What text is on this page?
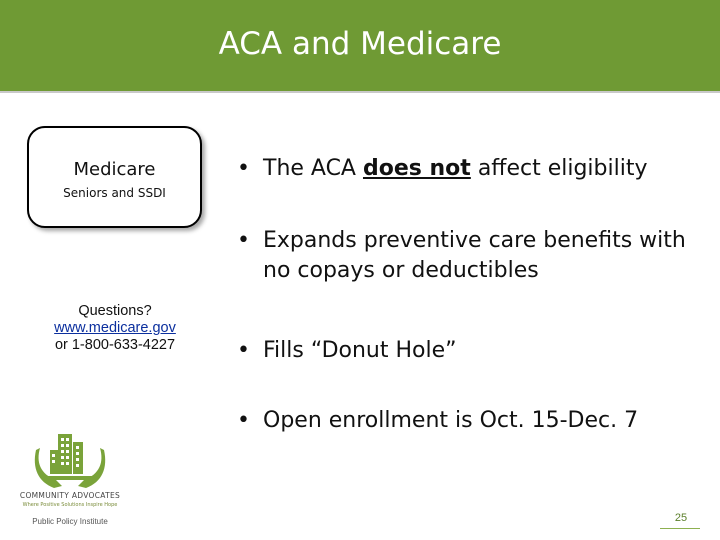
ACA and Medicare
Medicare
Seniors and SSDI
Questions?
www.medicare.gov
or 1-800-633-4227
• The ACA does not affect eligibility
• Expands preventive care benefits with no copays or deductibles
• Fills “Donut Hole”
• Open enrollment is Oct. 15-Dec. 7
COMMUNITY ADVOCATES
Where Positive Solutions Inspire Hope
Public Policy Institute	25
